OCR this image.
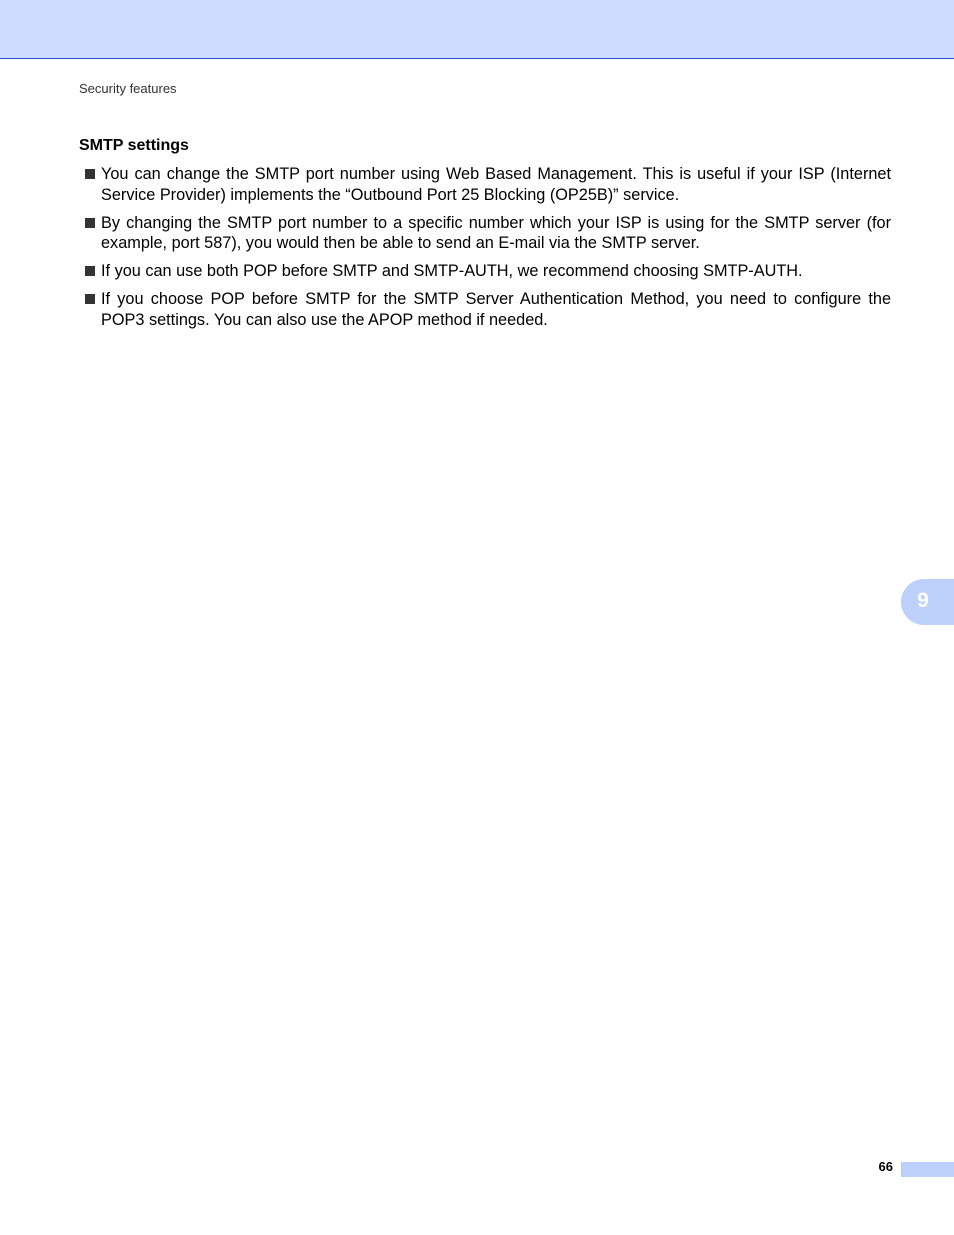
Security features
SMTP settings
You can change the SMTP port number using Web Based Management. This is useful if your ISP (Internet Service Provider) implements the “Outbound Port 25 Blocking (OP25B)” service.
By changing the SMTP port number to a specific number which your ISP is using for the SMTP server (for example, port 587), you would then be able to send an E-mail via the SMTP server.
If you can use both POP before SMTP and SMTP-AUTH, we recommend choosing SMTP-AUTH.
If you choose POP before SMTP for the SMTP Server Authentication Method, you need to configure the POP3 settings. You can also use the APOP method if needed.
9
66
